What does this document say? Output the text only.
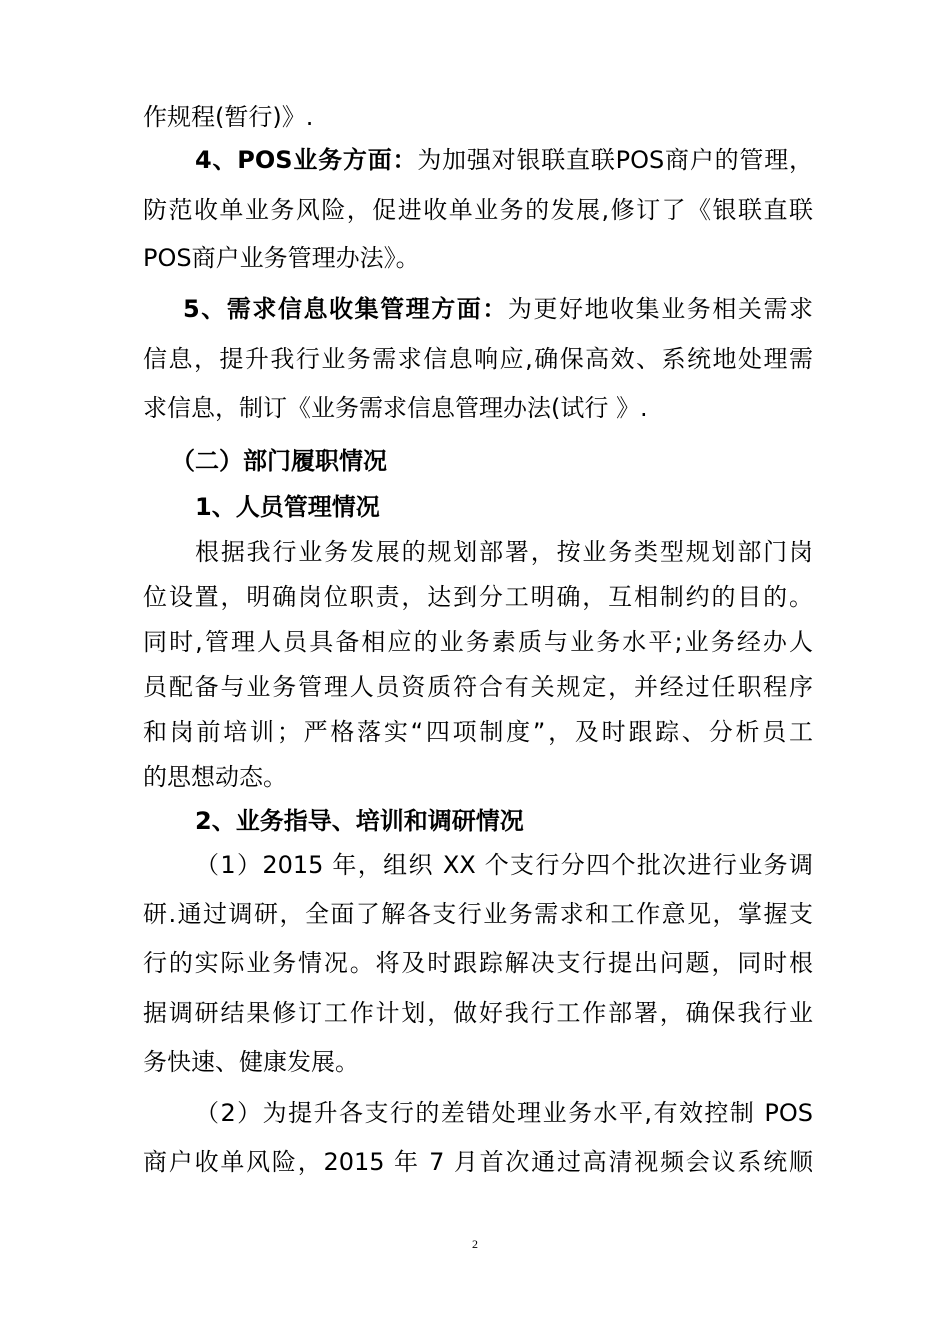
作规程(暂行)》.
4、POS业务方面：为加强对银联直联POS商户的管理，
防范收单业务风险，促进收单业务的发展,修订了《银联直联
POS商户业务管理办法》。
5、需求信息收集管理方面：为更好地收集业务相关需求
信息，提升我行业务需求信息响应,确保高效、系统地处理需
求信息，制订《业务需求信息管理办法(试行 》.
（二）部门履职情况
1、人员管理情况
根据我行业务发展的规划部署，按业务类型规划部门岗
位设置，明确岗位职责，达到分工明确，互相制约的目的。
同时,管理人员具备相应的业务素质与业务水平;业务经办人
员配备与业务管理人员资质符合有关规定，并经过任职程序
和岗前培训；严格落实“四项制度”，及时跟踪、分析员工
的思想动态。
2、业务指导、培训和调研情况
（1）2015 年，组织 XX 个支行分四个批次进行业务调
研.通过调研，全面了解各支行业务需求和工作意见，掌握支
行的实际业务情况。将及时跟踪解决支行提出问题，同时根
据调研结果修订工作计划，做好我行工作部署，确保我行业
务快速、健康发展。
（2）为提升各支行的差错处理业务水平,有效控制 POS
商户收单风险，2015 年 7 月首次通过高清视频会议系统顺
2
